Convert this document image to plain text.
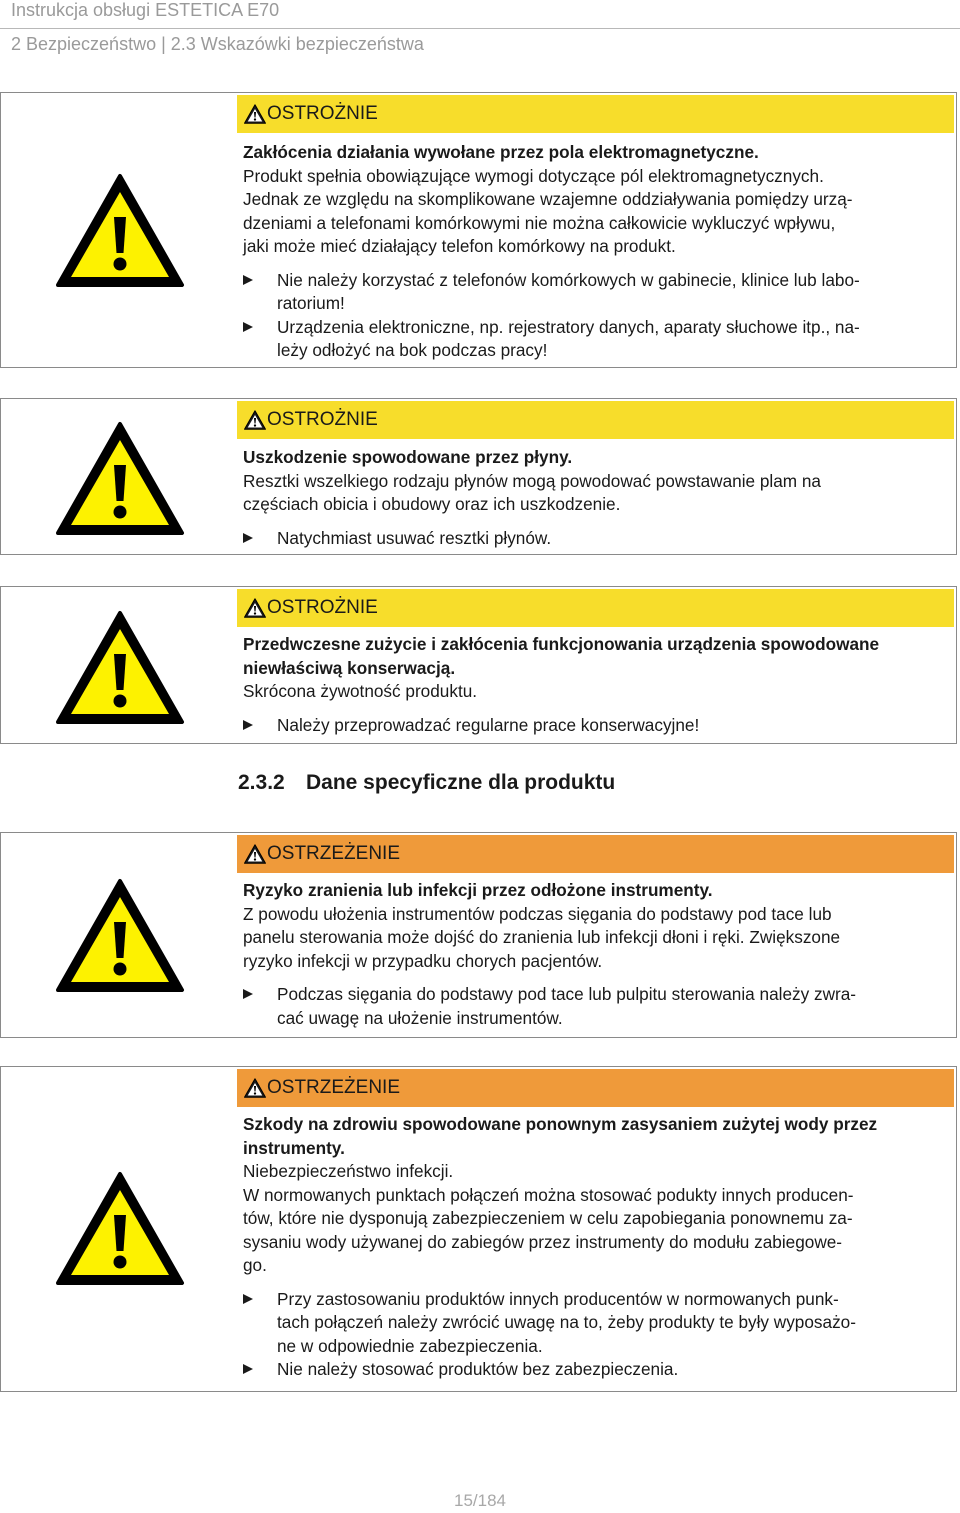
Instrukcja obsługi ESTETICA E70
2 Bezpieczeństwo | 2.3 Wskazówki bezpieczeństwa
OSTROŻNIE

Zakłócenia działania wywołane przez pola elektromagnetyczne.

Produkt spełnia obowiązujące wymogi dotyczące pól elektromagnetycznych.

Jednak ze względu na skomplikowane wzajemne oddziaływania pomiędzy urzą-

dzeniami a telefonami komórkowymi nie można całkowicie wykluczyć wpływu,

jaki może mieć działający telefon komórkowy na produkt.

Nie należy korzystać z telefonów komórkowych w gabinecie, klinice lub labo-
ratorium!
Urządzenia elektroniczne, np. rejestratory danych, aparaty słuchowe itp., na-
leży odłożyć na bok podczas pracy!
OSTROŻNIE

Uszkodzenie spowodowane przez płyny.

Resztki wszelkiego rodzaju płynów mogą powodować powstawanie plam na

częściach obicia i obudowy oraz ich uszkodzenie.

Natychmiast usuwać resztki płynów.
OSTROŻNIE

Przedwczesne zużycie i zakłócenia funkcjonowania urządzenia spowodowane niewłaściwą konserwacją.

Skrócona żywotność produktu.

Należy przeprowadzać regularne prace konserwacyjne!
OSTRZEŻENIE

Ryzyko zranienia lub infekcji przez odłożone instrumenty.

Z powodu ułożenia instrumentów podczas sięgania do podstawy pod tace lub

panelu sterowania może dojść do zranienia lub infekcji dłoni i ręki. Zwiększone

ryzyko infekcji w przypadku chorych pacjentów.

Podczas sięgania do podstawy pod tace lub pulpitu sterowania należy zwra-
cać uwagę na ułożenie instrumentów.
OSTRZEŻENIE

Szkody na zdrowiu spowodowane ponownym zasysaniem zużytej wody przez instrumenty.

Niebezpieczeństwo infekcji.

W normowanych punktach połączeń można stosować podukty innych producen-

tów, które nie dysponują zabezpieczeniem w celu zapobiegania ponownemu za-

sysaniu wody używanej do zabiegów przez instrumenty do modułu zabiegowe-

go.

Przy zastosowaniu produktów innych producentów w normowanych punk-
tach połączeń należy zwrócić uwagę na to, żeby produkty te były wyposażo-
ne w odpowiednie zabezpieczenia.
Nie należy stosować produktów bez zabezpieczenia.
2.3.2 Dane specyficzne dla produktu
15/184
